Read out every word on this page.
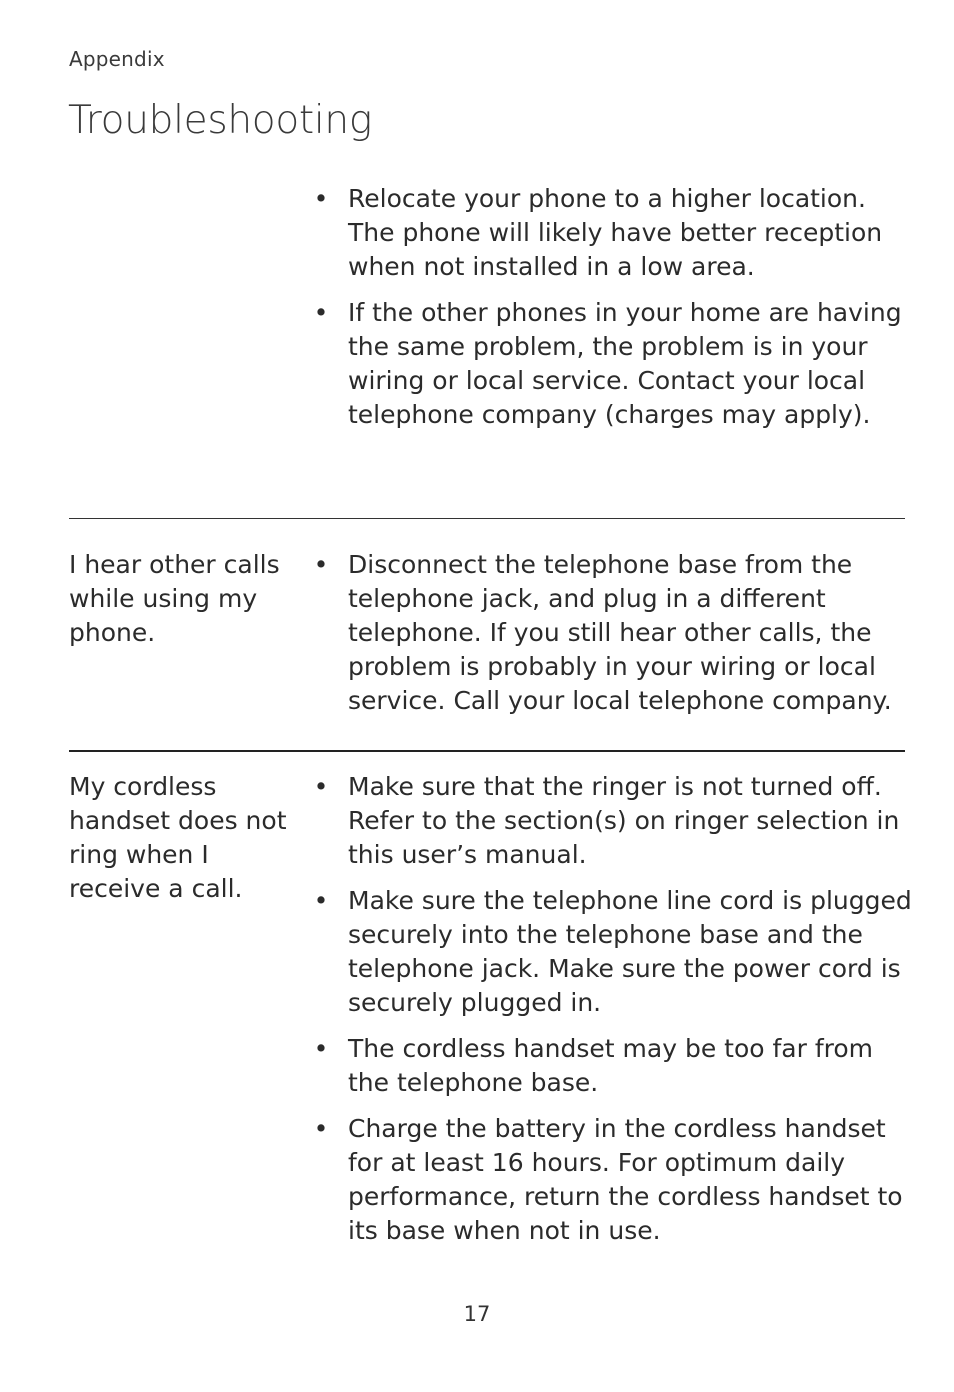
Appendix
Troubleshooting
• Relocate your phone to a higher location. The phone will likely have better reception when not installed in a low area.
• If the other phones in your home are having the same problem, the problem is in your wiring or local service. Contact your local telephone company (charges may apply).
I hear other calls while using my phone.
• Disconnect the telephone base from the telephone jack, and plug in a different telephone. If you still hear other calls, the problem is probably in your wiring or local service. Call your local telephone company.
My cordless handset does not ring when I receive a call.
• Make sure that the ringer is not turned off. Refer to the section(s) on ringer selection in this user’s manual.
• Make sure the telephone line cord is plugged securely into the telephone base and the telephone jack. Make sure the power cord is securely plugged in.
• The cordless handset may be too far from the telephone base.
• Charge the battery in the cordless handset for at least 16 hours. For optimum daily performance, return the cordless handset to its base when not in use.
17
